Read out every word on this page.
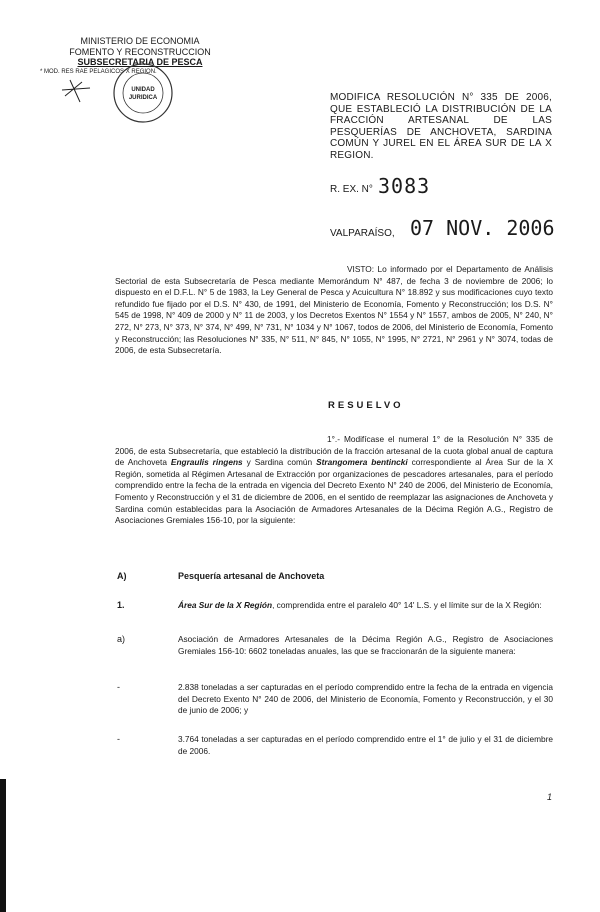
MINISTERIO DE ECONOMIA
FOMENTO Y RECONSTRUCCION
SUBSECRETARIA DE PESCA
* MOD. RES RAE PELAGICOS X REGION.
UNIDAD
JURIDICA	MODIFICA RESOLUCIÓN N° 335 DE 2006, QUE ESTABLECIÓ LA DISTRIBUCIÓN DE LA FRACCIÓN ARTESANAL DE LAS PESQUERÍAS DE ANCHOVETA, SARDINA COMÚN Y JUREL EN EL ÁREA SUR DE LA X REGION.
R. EX. N° 3083
VALPARAÍSO, 07 NOV. 2006
VISTO: Lo informado por el Departamento de Análisis Sectorial de esta Subsecretaría de Pesca mediante Memorándum N° 487, de fecha 3 de noviembre de 2006; lo dispuesto en el D.F.L. N° 5 de 1983, la Ley General de Pesca y Acuicultura N° 18.892 y sus modificaciones cuyo texto refundido fue fijado por el D.S. N° 430, de 1991, del Ministerio de Economía, Fomento y Reconstrucción; los D.S. N° 545 de 1998, N° 409 de 2000 y N° 11 de 2003, y los Decretos Exentos N° 1554 y N° 1557, ambos de 2005, N° 240, N° 272, N° 273, N° 373, N° 374, N° 499, N° 731, N° 1034 y N° 1067, todos de 2006, del Ministerio de Economía, Fomento y Reconstrucción; las Resoluciones N° 335, N° 511, N° 845, N° 1055, N° 1995, N° 2721, N° 2961 y N° 3074, todas de 2006, de esta Subsecretaría.
RESUELVO
1°.- Modifícase el numeral 1° de la Resolución N° 335 de 2006, de esta Subsecretaría, que estableció la distribución de la fracción artesanal de la cuota global anual de captura de Anchoveta Engraulis ringens y Sardina común Strangomera bentincki correspondiente al Área Sur de la X Región, sometida al Régimen Artesanal de Extracción por organizaciones de pescadores artesanales, para el período comprendido entre la fecha de la entrada en vigencia del Decreto Exento N° 240 de 2006, del Ministerio de Economía, Fomento y Reconstrucción y el 31 de diciembre de 2006, en el sentido de reemplazar las asignaciones de Anchoveta y Sardina común establecidas para la Asociación de Armadores Artesanales de la Décima Región A.G., Registro de Asociaciones Gremiales 156-10, por la siguiente:
A)	Pesquería artesanal de Anchoveta
1.	Área Sur de la X Región, comprendida entre el paralelo 40° 14' L.S. y el límite sur de la X Región:
a)	Asociación de Armadores Artesanales de la Décima Región A.G., Registro de Asociaciones Gremiales 156-10: 6602 toneladas anuales, las que se fraccionarán de la siguiente manera:
-	2.838 toneladas a ser capturadas en el período comprendido entre la fecha de la entrada en vigencia del Decreto Exento N° 240 de 2006, del Ministerio de Economía, Fomento y Reconstrucción, y el 30 de junio de 2006; y
-	3.764 toneladas a ser capturadas en el período comprendido entre el 1° de julio y el 31 de diciembre de 2006.
1
